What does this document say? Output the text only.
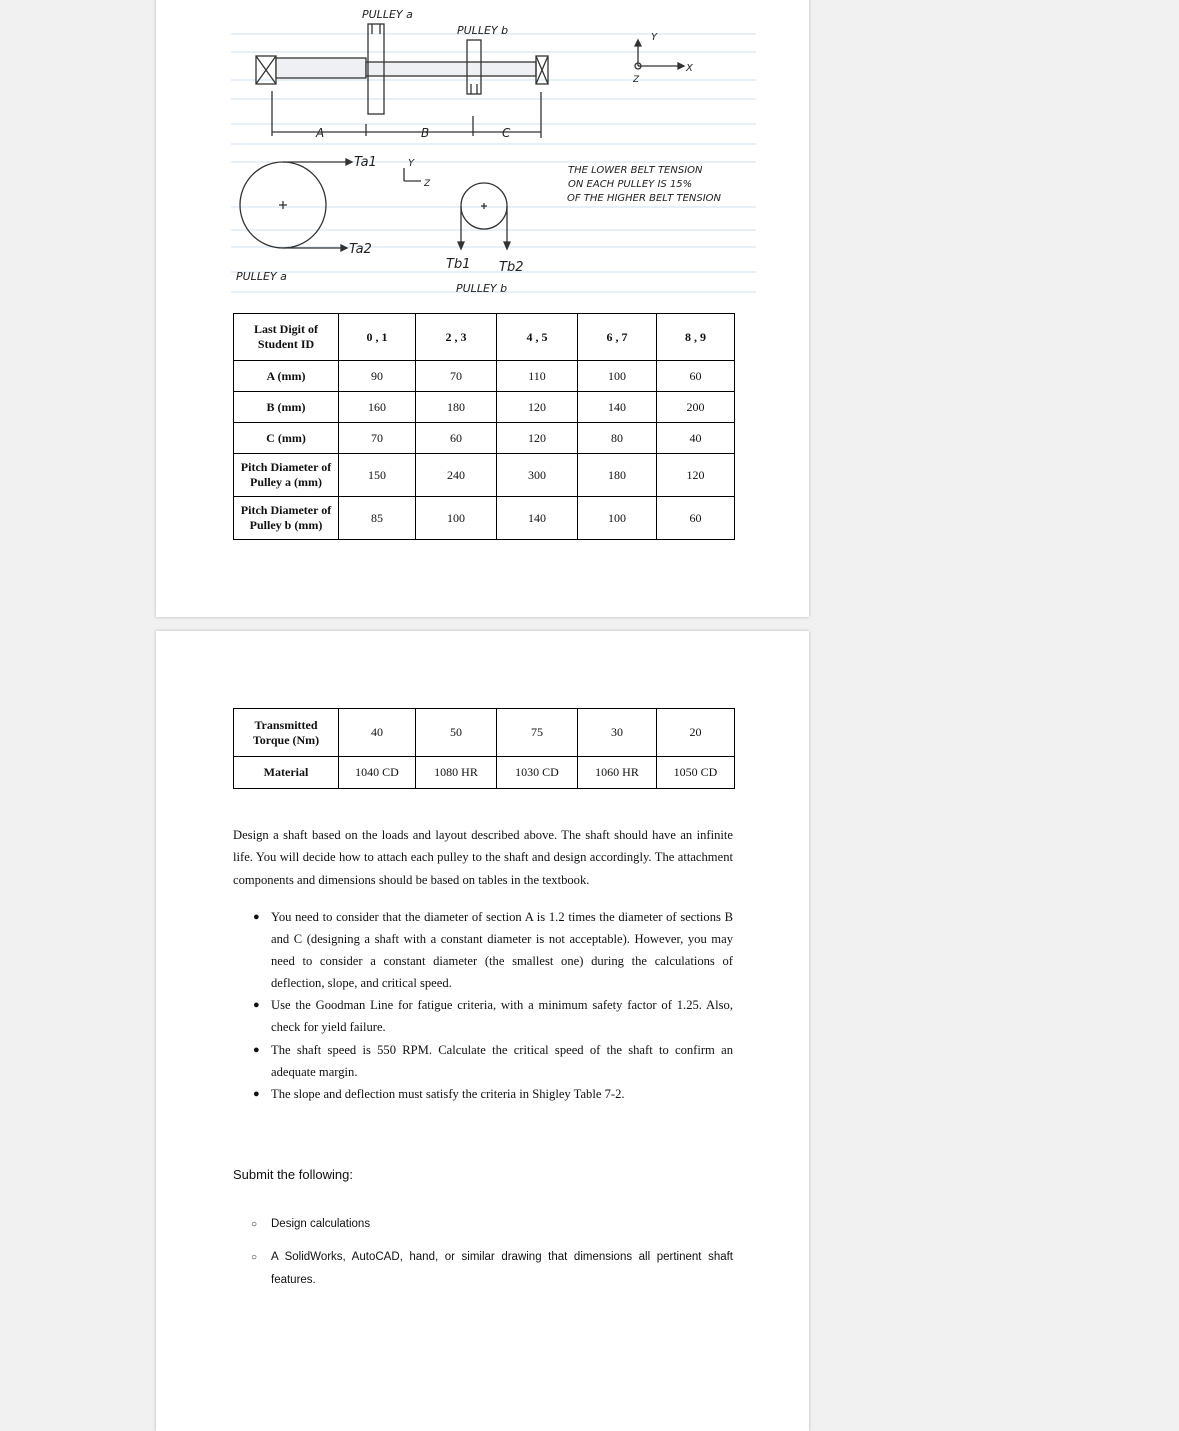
PULLEY a
PULLEY b
A	B	C
Y
X
Z
Ta1
Ta2
Y
Z
Tb1 Tb2
PULLEY a
PULLEY b
THE LOWER BELT TENSION
ON EACH PULLEY IS 15%
OF THE HIGHER BELT TENSION
Last Digit of Student ID	0 , 1	2 , 3	4 , 5	6 , 7	8 , 9
A (mm)	90	70	110	100	60
B (mm)	160	180	120	140	200
C (mm)	70	60	120	80	40
Pitch Diameter of Pulley a (mm)	150	240	300	180	120
Pitch Diameter of Pulley b (mm)	85	100	140	100	60
Transmitted Torque (Nm)	40	50	75	30	20
Material	1040 CD	1080 HR	1030 CD	1060 HR	1050 CD

Design a shaft based on the loads and layout described above. The shaft should have an infinite life. You will decide how to attach each pulley to the shaft and design accordingly. The attachment components and dimensions should be based on tables in the textbook.

● You need to consider that the diameter of section A is 1.2 times the diameter of sections B and C (designing a shaft with a constant diameter is not acceptable). However, you may need to consider a constant diameter (the smallest one) during the calculations of deflection, slope, and critical speed.
● Use the Goodman Line for fatigue criteria, with a minimum safety factor of 1.25. Also, check for yield failure.
● The shaft speed is 550 RPM. Calculate the critical speed of the shaft to confirm an adequate margin.
● The slope and deflection must satisfy the criteria in Shigley Table 7-2.
Submit the following:
○ Design calculations
○ A SolidWorks, AutoCAD, hand, or similar drawing that dimensions all pertinent shaft features.
